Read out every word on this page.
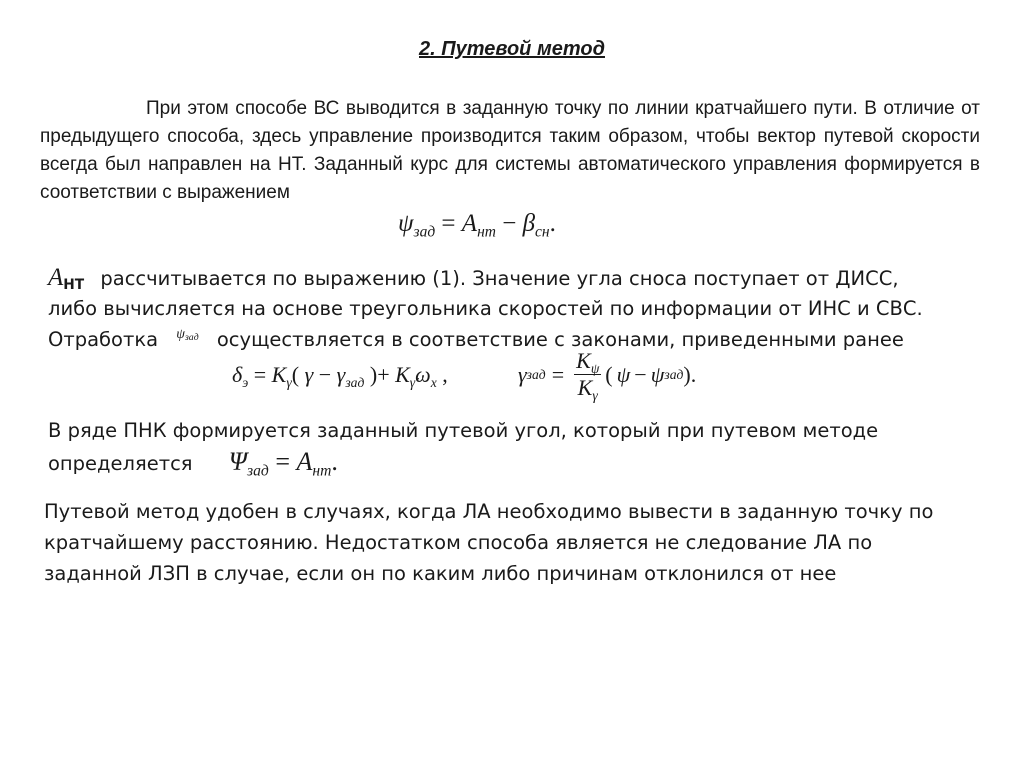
2. Путевой метод

При этом способе ВС выводится в заданную точку по линии кратчайшего пути. В отличие от предыдущего способа, здесь управление производится таким образом, чтобы вектор путевой скорости всегда был направлен на НТ. Заданный курс для системы автоматического управления формируется в соответствии с выражением

$\psi_{зад} = A_{нт} - \beta_{сн}$.
$A_{НТ}$ рассчитывается по выражению (1). Значение угла сноса поступает от ДИСС,
либо вычисляется на основе треугольника скоростей по информации от ИНС и СВС.
Отработка $^{\psi_{зад}}$ осуществляется в соответствие с законами, приведенными ранее
$\delta_э = K_\gamma$( $\gamma - \gamma_{зад}$ )+ $K_{\gammȧ}\omega_x$ ,	γ зад = $\frac{K_\psi}{K_\gamma}$ ( ψ − ψ зад ).
В ряде ПНК формируется заданный путевой угол, который при путевом методе
определяется $\Psi_{зад} = A_{нт}$.
Путевой метод удобен в случаях, когда ЛА необходимо вывести в заданную точку по
кратчайшему расстоянию. Недостатком способа является не следование ЛА по
заданной ЛЗП в случае, если он по каким либо причинам отклонился от нее
